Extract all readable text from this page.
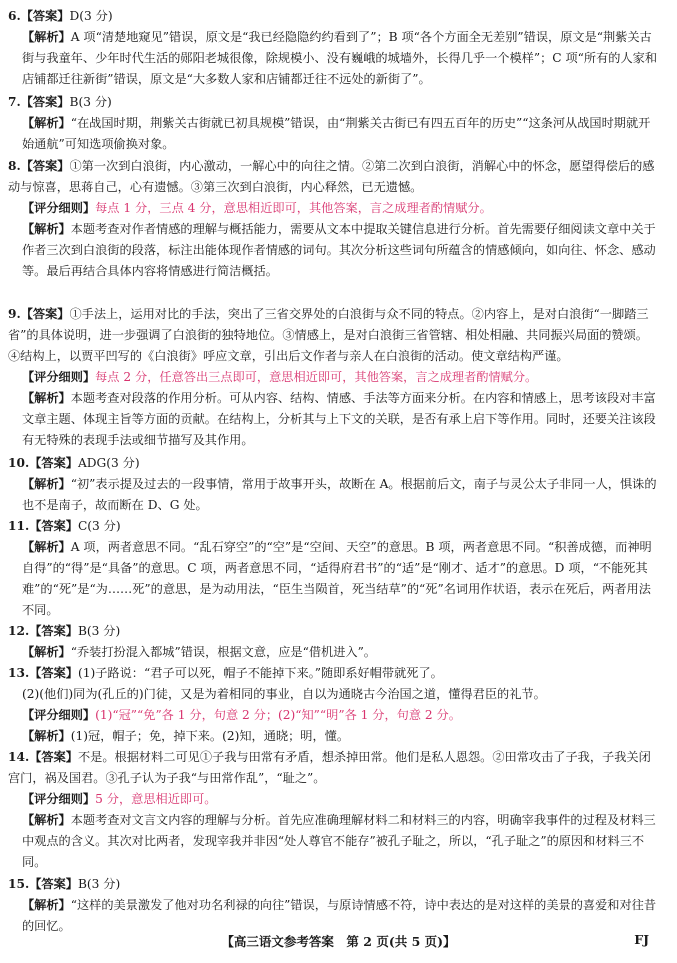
6.【答案】D(3 分)

【解析】A 项“清楚地窥见”错误，原文是“我已经隐隐约约看到了”；B 项“各个方面全无差别”错误，原文是“荆紫关古街与我童年、少年时代生活的郧阳老城很像，除规模小、没有巍峨的城墙外，长得几乎一个模样”；C 项“所有的人家和店铺都迁往新街”错误，原文是“大多数人家和店铺都迁往不远处的新街了”。

7.【答案】B(3 分)

【解析】“在战国时期，荆紫关古街就已初具规模”错误，由“荆紫关古街已有四五百年的历史”“这条河从战国时期就开始通航”可知选项偷换对象。

8.【答案】①第一次到白浪街，内心激动，一解心中的向往之情。②第二次到白浪街，消解心中的怀念，愿望得偿后的感动与惊喜，思蒋自己，心有遗憾。③第三次到白浪街，内心释然，已无遗憾。

【评分细则】每点 1 分，三点 4 分，意思相近即可，其他答案，言之成理者酌情赋分。

【解析】本题考查对作者情感的理解与概括能力，需要从文本中提取关键信息进行分析。首先需要仔细阅读文章中关于作者三次到白浪街的段落，标注出能体现作者情感的词句。其次分析这些词句所蕴含的情感倾向，如向往、怀念、感动等。最后再结合具体内容将情感进行简洁概括。

9.【答案】①手法上，运用对比的手法，突出了三省交界处的白浪街与众不同的特点。②内容上，是对白浪街“一脚踏三省”的具体说明，进一步强调了白浪街的独特地位。③情感上，是对白浪街三省管辖、相处相融、共同振兴局面的赞颂。④结构上，以贾平凹写的《白浪街》呼应文章，引出后文作者与亲人在白浪街的活动。使文章结构严谨。

【评分细则】每点 2 分，任意答出三点即可，意思相近即可，其他答案，言之成理者酌情赋分。

【解析】本题考查对段落的作用分析。可从内容、结构、情感、手法等方面来分析。在内容和情感上，思考该段对丰富文章主题、体现主旨等方面的贡献。在结构上，分析其与上下文的关联，是否有承上启下等作用。同时，还要关注该段有无特殊的表现手法或细节描写及其作用。

10.【答案】ADG(3 分)

【解析】“初”表示提及过去的一段事情，常用于故事开头，故断在 A。根据前后文，南子与灵公太子非同一人，惧诛的也不是南子，故而断在 D、G 处。

11.【答案】C(3 分)

【解析】A 项，两者意思不同。“乱石穿空”的“空”是“空间、天空”的意思。B 项，两者意思不同。“积善成德，而神明自得”的“得”是“具备”的意思。C 项，两者意思不同，“适得府君书”的“适”是“刚才、适才”的意思。D 项，“不能死其难”的“死”是“为……死”的意思，是为动用法，“臣生当陨首，死当结草”的“死”名词用作状语，表示在死后，两者用法不同。

12.【答案】B(3 分)

【解析】“乔装打扮混入都城”错误，根据文意，应是“借机进入”。

13.【答案】(1)子路说：“君子可以死，帽子不能掉下来。”随即系好帽带就死了。

(2)(他们)同为(孔丘的)门徒，又是为着相同的事业，自以为通晓古今治国之道，懂得君臣的礼节。

【评分细则】(1)“冠”“免”各 1 分，句意 2 分；(2)“知”“明”各 1 分，句意 2 分。

【解析】(1)冠，帽子；免，掉下来。(2)知，通晓；明，懂。

14.【答案】不是。根据材料二可见①子我与田常有矛盾，想杀掉田常。他们是私人恩怨。②田常攻击了子我，子我关闭宫门，祸及国君。③孔子认为子我“与田常作乱”，“耻之”。

【评分细则】5 分，意思相近即可。

【解析】本题考查对文言文内容的理解与分析。首先应准确理解材料二和材料三的内容，明确宰我事件的过程及材料三中观点的含义。其次对比两者，发现宰我并非因“处人尊官不能存”被孔子耻之，所以，“孔子耻之”的原因和材料三不同。

15.【答案】B(3 分)

【解析】“这样的美景激发了他对功名利禄的向往”错误，与原诗情感不符，诗中表达的是对这样的美景的喜爱和对往昔的回忆。

【高三语文参考答案　第 2 页(共 5 页)】	FJ
